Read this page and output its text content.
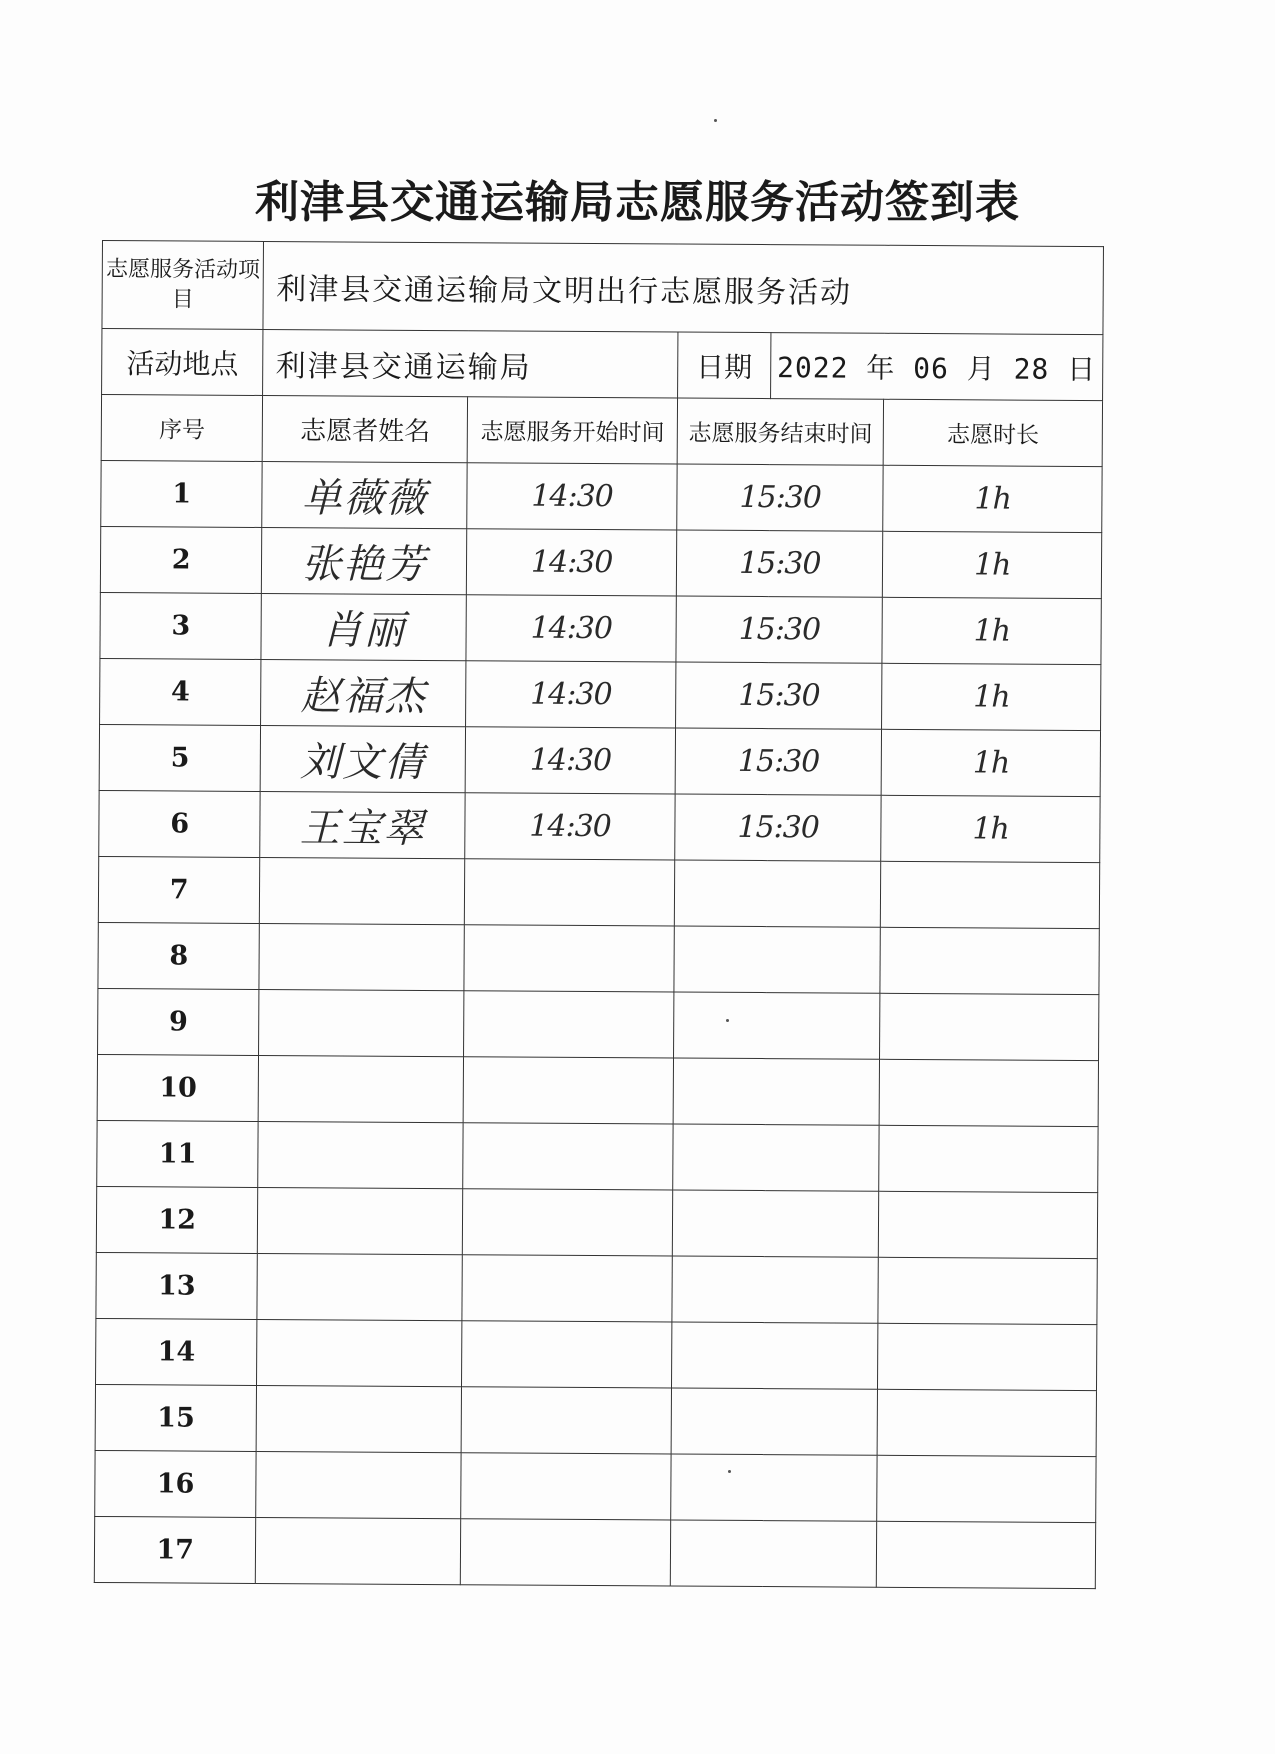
利津县交通运输局志愿服务活动签到表
志愿服务活动项目	利津县交通运输局文明出行志愿服务活动				
活动地点	利津县交通运输局		日期	2022 年 06 月 28 日	
序号	志愿者姓名	志愿服务开始时间	志愿服务结束时间		志愿时长
1	单薇薇	14:30	15:30		1h
2	张艳芳	14:30	15:30		1h
3	肖丽	14:30	15:30		1h
4	赵福杰	14:30	15:30		1h
5	刘文倩	14:30	15:30		1h
6	王宝翠	14:30	15:30		1h
7					
8					
9					
10					
11					
12					
13					
14					
15					
16					
17					
